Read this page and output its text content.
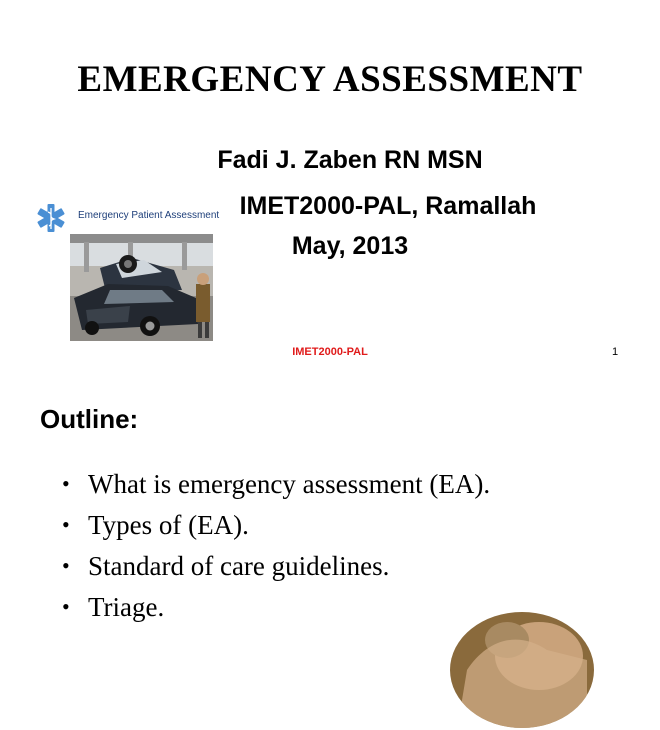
EMERGENCY ASSESSMENT
Fadi J. Zaben RN MSN
IMET2000-PAL, Ramallah
May, 2013
Emergency Patient Assessment
IMET2000-PAL	1
Outline:
• What is emergency assessment (EA).
• Types of (EA).
• Standard of care guidelines.
• Triage.
